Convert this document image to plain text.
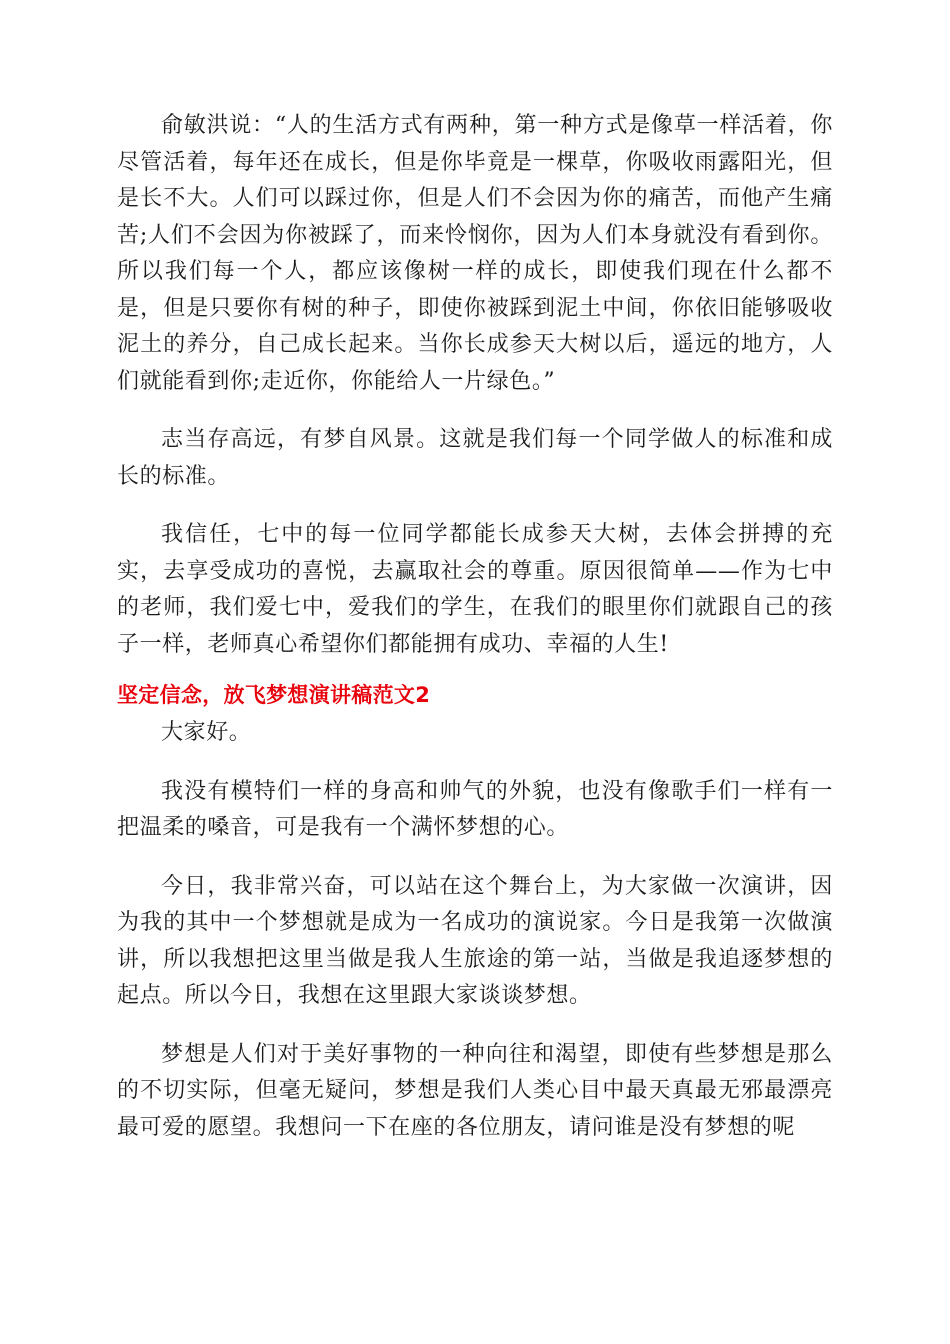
俞敏洪说：“人的生活方式有两种，第一种方式是像草一样活着，你尽管活着，每年还在成长，但是你毕竟是一棵草，你吸收雨露阳光，但是长不大。人们可以踩过你，但是人们不会因为你的痛苦，而他产生痛苦;人们不会因为你被踩了，而来怜悯你，因为人们本身就没有看到你。所以我们每一个人，都应该像树一样的成长，即使我们现在什么都不是，但是只要你有树的种子，即使你被踩到泥土中间，你依旧能够吸收泥土的养分，自己成长起来。当你长成参天大树以后，遥远的地方，人们就能看到你;走近你，你能给人一片绿色。”

志当存高远，有梦自风景。这就是我们每一个同学做人的标准和成长的标准。

我信任，七中的每一位同学都能长成参天大树，去体会拼搏的充实，去享受成功的喜悦，去赢取社会的尊重。原因很简单——作为七中的老师，我们爱七中，爱我们的学生，在我们的眼里你们就跟自己的孩子一样，老师真心希望你们都能拥有成功、幸福的人生!

坚定信念，放飞梦想演讲稿范文2

大家好。

我没有模特们一样的身高和帅气的外貌，也没有像歌手们一样有一把温柔的嗓音，可是我有一个满怀梦想的心。

今日，我非常兴奋，可以站在这个舞台上，为大家做一次演讲，因为我的其中一个梦想就是成为一名成功的演说家。今日是我第一次做演讲，所以我想把这里当做是我人生旅途的第一站，当做是我追逐梦想的起点。所以今日，我想在这里跟大家谈谈梦想。

梦想是人们对于美好事物的一种向往和渴望，即使有些梦想是那么的不切实际，但毫无疑问，梦想是我们人类心目中最天真最无邪最漂亮最可爱的愿望。我想问一下在座的各位朋友，请问谁是没有梦想的呢
